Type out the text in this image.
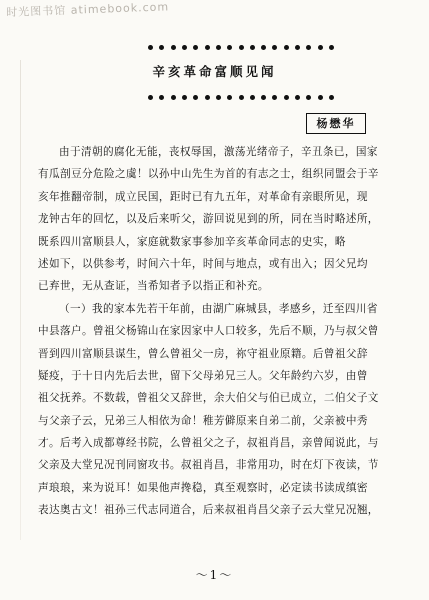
时光图书馆 atimebook.com
辛亥革命富顺见闻
杨懋华
由于清朝的腐化无能，丧权辱国，激荡光绪帝子，辛丑条已，国家
有瓜剖豆分危险之虞！以孙中山先生为首的有志之士，组织同盟会于辛
亥年推翻帝制，成立民国，距时已有九五年，对革命有亲眼所见，现
龙钟古年的回忆，以及后来听父，游回说见到的所，同在当时略述所，
既系四川富顺县人，家庭就数家事参加辛亥革命同志的史实，略
述如下，以供参考，时间六十年，时间与地点，或有出入；因父兄均
已弃世，无从查证，当希知者予以指正和补充。
（一）我的家本先若干年前，由湖广麻城县，孝感乡，迁至四川省
中县落户。曾祖父杨锦山在家因家中人口较多，先后不顺，乃与叔父曾
晋到四川富顺县谋生，曾么曾祖父一房，祢守祖业原籍。后曾祖父辞
疑疫，于十日内先后去世，留下父母弟兄三人。父年龄约六岁，由曾
祖父抚养。不数载，曾祖父又辞世，余大伯父与伯已成立，二伯父子文
与父亲子云，兄弟三人相依为命！稚芳僻原来自弟二前，父亲被中秀
才。后考入成都尊经书院，么曾祖父之子，叔祖肖昌，亲曾闻说此，与
父亲及大堂兄况刊同窗攻书。叔祖肖昌，非常用功，时在灯下夜读，节
声琅琅，来为说耳！如果他声搀稳，真至观察时，必定读书读成缜密
表达奥古文！祖孙三代志同道合，后来叔祖肖昌父亲子云大堂兄况翘，
～1～
